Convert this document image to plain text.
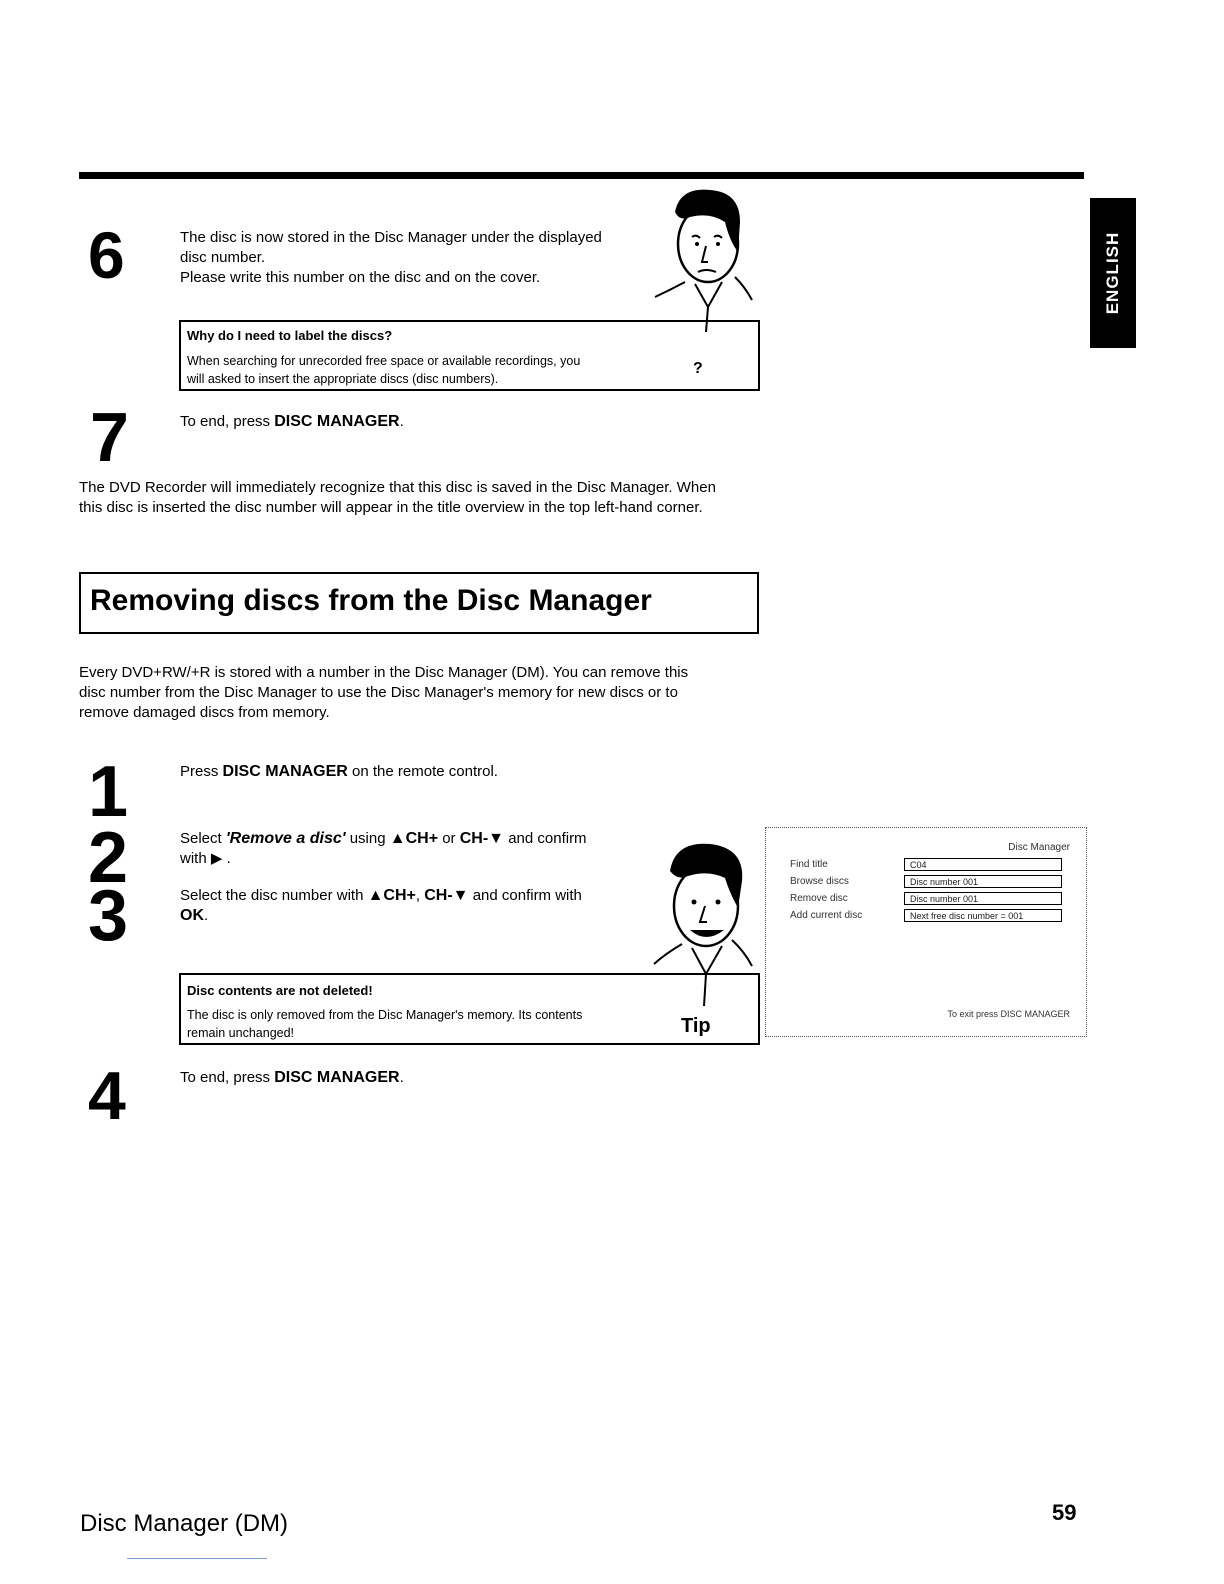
ENGLISH
6	The disc is now stored in the Disc Manager under the displayed
disc number.
Please write this number on the disc and on the cover.
Why do I need to label the discs?
When searching for unrecorded free space or available recordings, you
will asked to insert the appropriate discs (disc numbers).
?
7	To end, press DISC MANAGER.
The DVD Recorder will immediately recognize that this disc is saved in the Disc Manager. When
this disc is inserted the disc number will appear in the title overview in the top left-hand corner.
Removing discs from the Disc Manager
Every DVD+RW/+R is stored with a number in the Disc Manager (DM). You can remove this
disc number from the Disc Manager to use the Disc Manager's memory for new discs or to
remove damaged discs from memory.
1	Press DISC MANAGER on the remote control.
2	Select 'Remove a disc' using ▲CH+ or CH-▼ and confirm
with ▶ .
3	Select the disc number with ▲CH+, CH-▼ and confirm with
OK.
Disc contents are not deleted!
The disc is only removed from the Disc Manager's memory. Its contents
remain unchanged!	Tip
Disc Manager
Find title	C04
Browse discs	Disc number 001
Remove disc	Disc number 001
Add current disc	Next free disc number = 001
To exit press DISC MANAGER
4	To end, press DISC MANAGER.
Disc Manager (DM)	59
